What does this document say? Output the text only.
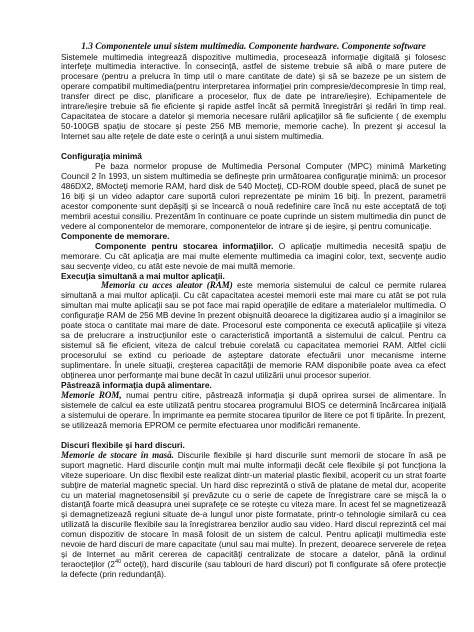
1.3 Componentele unui sistem multimedia. Componente hardware. Componente software

Sistemele multimedia integrează dispozitive multimedia, procesează informaţie digitală şi folosesc interfeţe multimedia interactive. În consecinţă, astfel de sisteme trebuie să aibă o mare putere de procesare (pentru a prelucra în timp util o mare cantitate de date) şi să se bazeze pe un sistem de operare compatibil multimedia(pentru interpretarea informaţiei prin compresie/decompresie în timp real, transfer direct pe disc, planificare a proceselor, flux de date pe intrare/ieşire). Echipamentele de intrare/ieşire trebuie să fie eficiente şi rapide astfel încât să permită înregistrări şi redări în timp real. Capacitatea de stocare a datelor şi memoria necesare rulării aplicaţiilor să fie suficiente ( de exemplu 50-100GB spaţiu de stocare şi peste 256 MB memorie, memorie cache). În prezent şi accesul la Internet sau alte reţele de date este o cerinţă a unui sistem multimedia.

Configuraţia minimă

Pe baza normelor propuse de Multimedia Personal Computer (MPC) minimă Marketing Council 2 în 1993, un sistem multimedia se defineşte prin următoarea configuraţie minimă: un procesor 486DX2, 8Mocteţi memorie RAM, hard disk de 540 Mocteţi, CD-ROM double speed, placă de sunet pe 16 biţi şi un video adaptor care suportă culori reprezentate pe minim 16 biţi. În prezent, parametrii acestor componente sunt depăşiţi şi se încearcă o nouă redefinire care încă nu este acceptată de toţi membrii acestui consiliu. Prezentăm în continuare ce poate cuprinde un sistem multimedia din punct de vedere al componentelor de memorare, componentelor de intrare şi de ieşire, şi pentru comunicaţie.

Componente de memorare.

Componente pentru stocarea informaţiilor. O aplicaţie multimedia necesită spaţiu de memorare. Cu cât aplicaţia are mai multe elemente multimedia ca imagini color, text, secvenţe audio sau secvenţe video, cu atât este nevoie de mai multă memorie.

Execuţia simultană a mai multor aplicaţii.

Memoria cu acces aleator (RAM) este memoria sistemului de calcul ce permite rularea simultană a mai multor aplicaţii. Cu cât capacitatea acestei memorii este mai mare cu atât se pot rula simultan mai multe aplicaţii sau se pot face mai rapid operaţiile de editare a materialelor multimedia. O configuraţie RAM de 256 MB devine în prezent obişnuită deoarece la digitizarea audio şi a imaginilor se poate stoca o cantitate mai mare de date. Procesorul este componenta ce execută aplicaţiile şi viteza sa de prelucrare a instrucţiunilor este o caracteristică importantă a sistemului de calcul. Pentru ca sistemul să fie eficient, viteza de calcul trebuie corelată cu capacitatea memoriei RAM. Altfel ciclii procesorului se extind cu perioade de aşteptare datorate efectuării unor mecanisme interne suplimentare. În unele situaţii, creşterea capacităţii de memorie RAM disponibile poate avea ca efect obţinerea unor performanţe mai bune decât în cazul utilizării unui procesor superior.

Păstrează informaţia după alimentare.

Memorie ROM, numai pentru citire, păstrează informaţia şi după oprirea sursei de alimentare. În sistemele de calcul ea este utilizată pentru stocarea programului BIOS ce determină încărcarea iniţială a sistemului de operare. În imprimante ea permite stocarea tipurilor de litere ce pot fi tipărite. În prezent, se utilizează memoria EPROM ce permite efectuarea unor modificări remanente.

Discuri flexibile şi hard discuri.

Memorie de stocare în masă. Discurile flexibile şi hard discurile sunt memorii de stocare în asă pe suport magnetic. Hard discurile conţin mult mai multe informaţii decât cele flexibile şi pot funcţiona la viteze superioare. Un disc flexibil este realizat dintr-un material plastic flexibil, acoperit cu un strat foarte subţire de material magnetic special. Un hard disc reprezintă o stivă de platane de metal dur, acoperite cu un material magnetosensibil şi prevăzute cu o serie de capete de înregistrare care se mişcă la o distanţă foarte mică deasupra unei suprafeţe ce se roteşte cu viteza mare. În acest fel se magnetizează şi demagnetizează regiuni situate de-a lungul unor piste formatate, printr-o tehnologie similară cu cea utilizată la discurile flexibile sau la înregistrarea benzilor audio sau video. Hard discul reprezintă cel mai comun dispozitiv de stocare în masă folosit de un sistem de calcul. Pentru aplicaţii multimedia este nevoie de hard discuri de mare capacitate (unul sau mai multe). În prezent, deoarece serverele de reţea şi de Internet au mărit cererea de capacităţi centralizate de stocare a datelor, până la ordinul teraocteţilor ($2^{40}$ octeţi), hard discurile (sau tablouri de hard discuri) pot fi configurate să ofere protecţie la defecte (prin redundanţă).
